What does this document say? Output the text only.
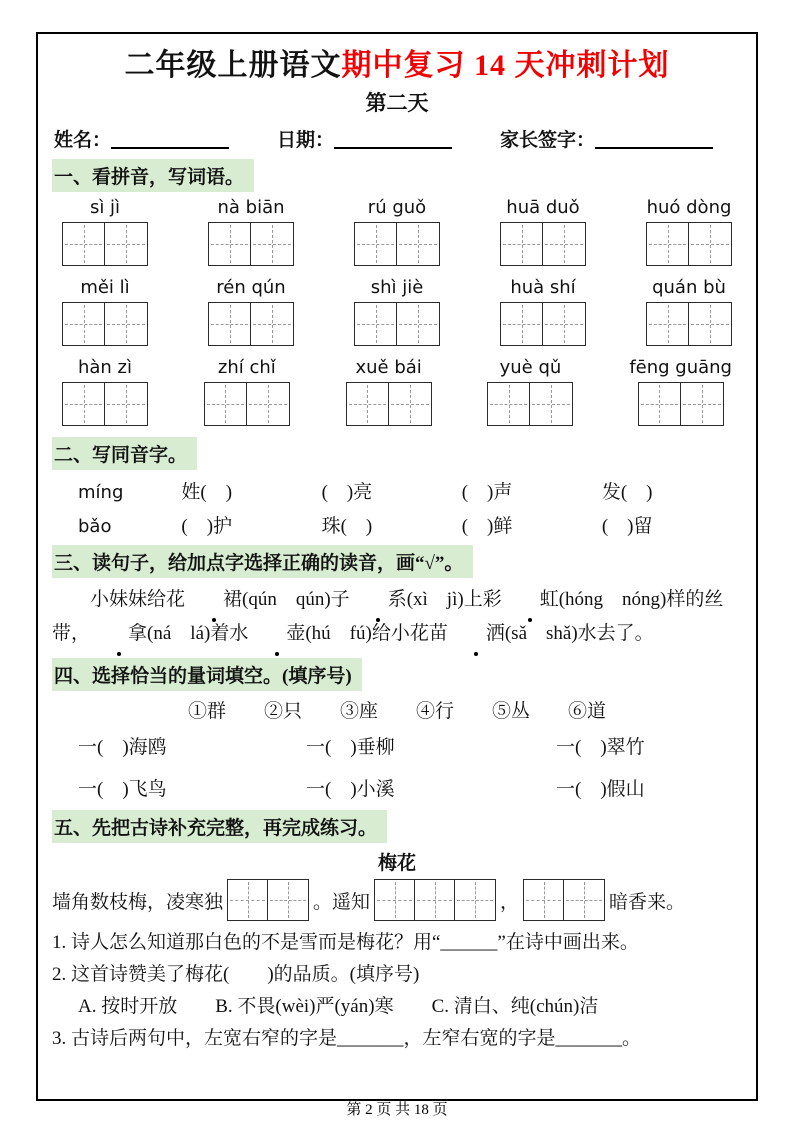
二年级上册语文期中复习 14 天冲刺计划
第二天
姓名：	日期：	家长签字：
一、看拼音，写词语。
sì jì	nà biān	rú guǒ	huā duǒ	huó dòng
měi lì	rén qún	shì jiè	huà shí	quán bù
hàn zì	zhí chǐ	xuě bái	yuè qǔ	fēng guāng
二、写同音字。
míng	姓(　)	(　)亮	(　)声	发(　)
bǎo	(　)护	珠(　)	(　)鲜	(　)留
三、读句子，给加点字选择正确的读音，画“√”。

小妹妹给花 裙(qún　qún)子 系(xì　jì)上彩 虹(hóng　nóng)样的丝带， 拿(ná　lá)着水 壶(hú　fú)给小花苗 洒(sǎ　shǎ)水去了。

四、选择恰当的量词填空。(填序号)
①群　　②只　　③座　　④行　　⑤丛　　⑥道
一(　)海鸥	一(　)垂柳	一(　)翠竹
一(　)飞鸟	一(　)小溪	一(　)假山
五、先把古诗补充完整，再完成练习。
梅花
墙角数枝梅，凌寒独	。遥知	，	暗香来。

1. 诗人怎么知道那白色的不是雪而是梅花？用“______”在诗中画出来。

2. 这首诗赞美了梅花(　　)的品质。(填序号)

A. 按时开放　　B. 不畏(wèi)严(yán)寒　　C. 清白、纯(chún)洁

3. 古诗后两句中，左宽右窄的字是_______，左窄右宽的字是_______。

第 2 页 共 18 页
